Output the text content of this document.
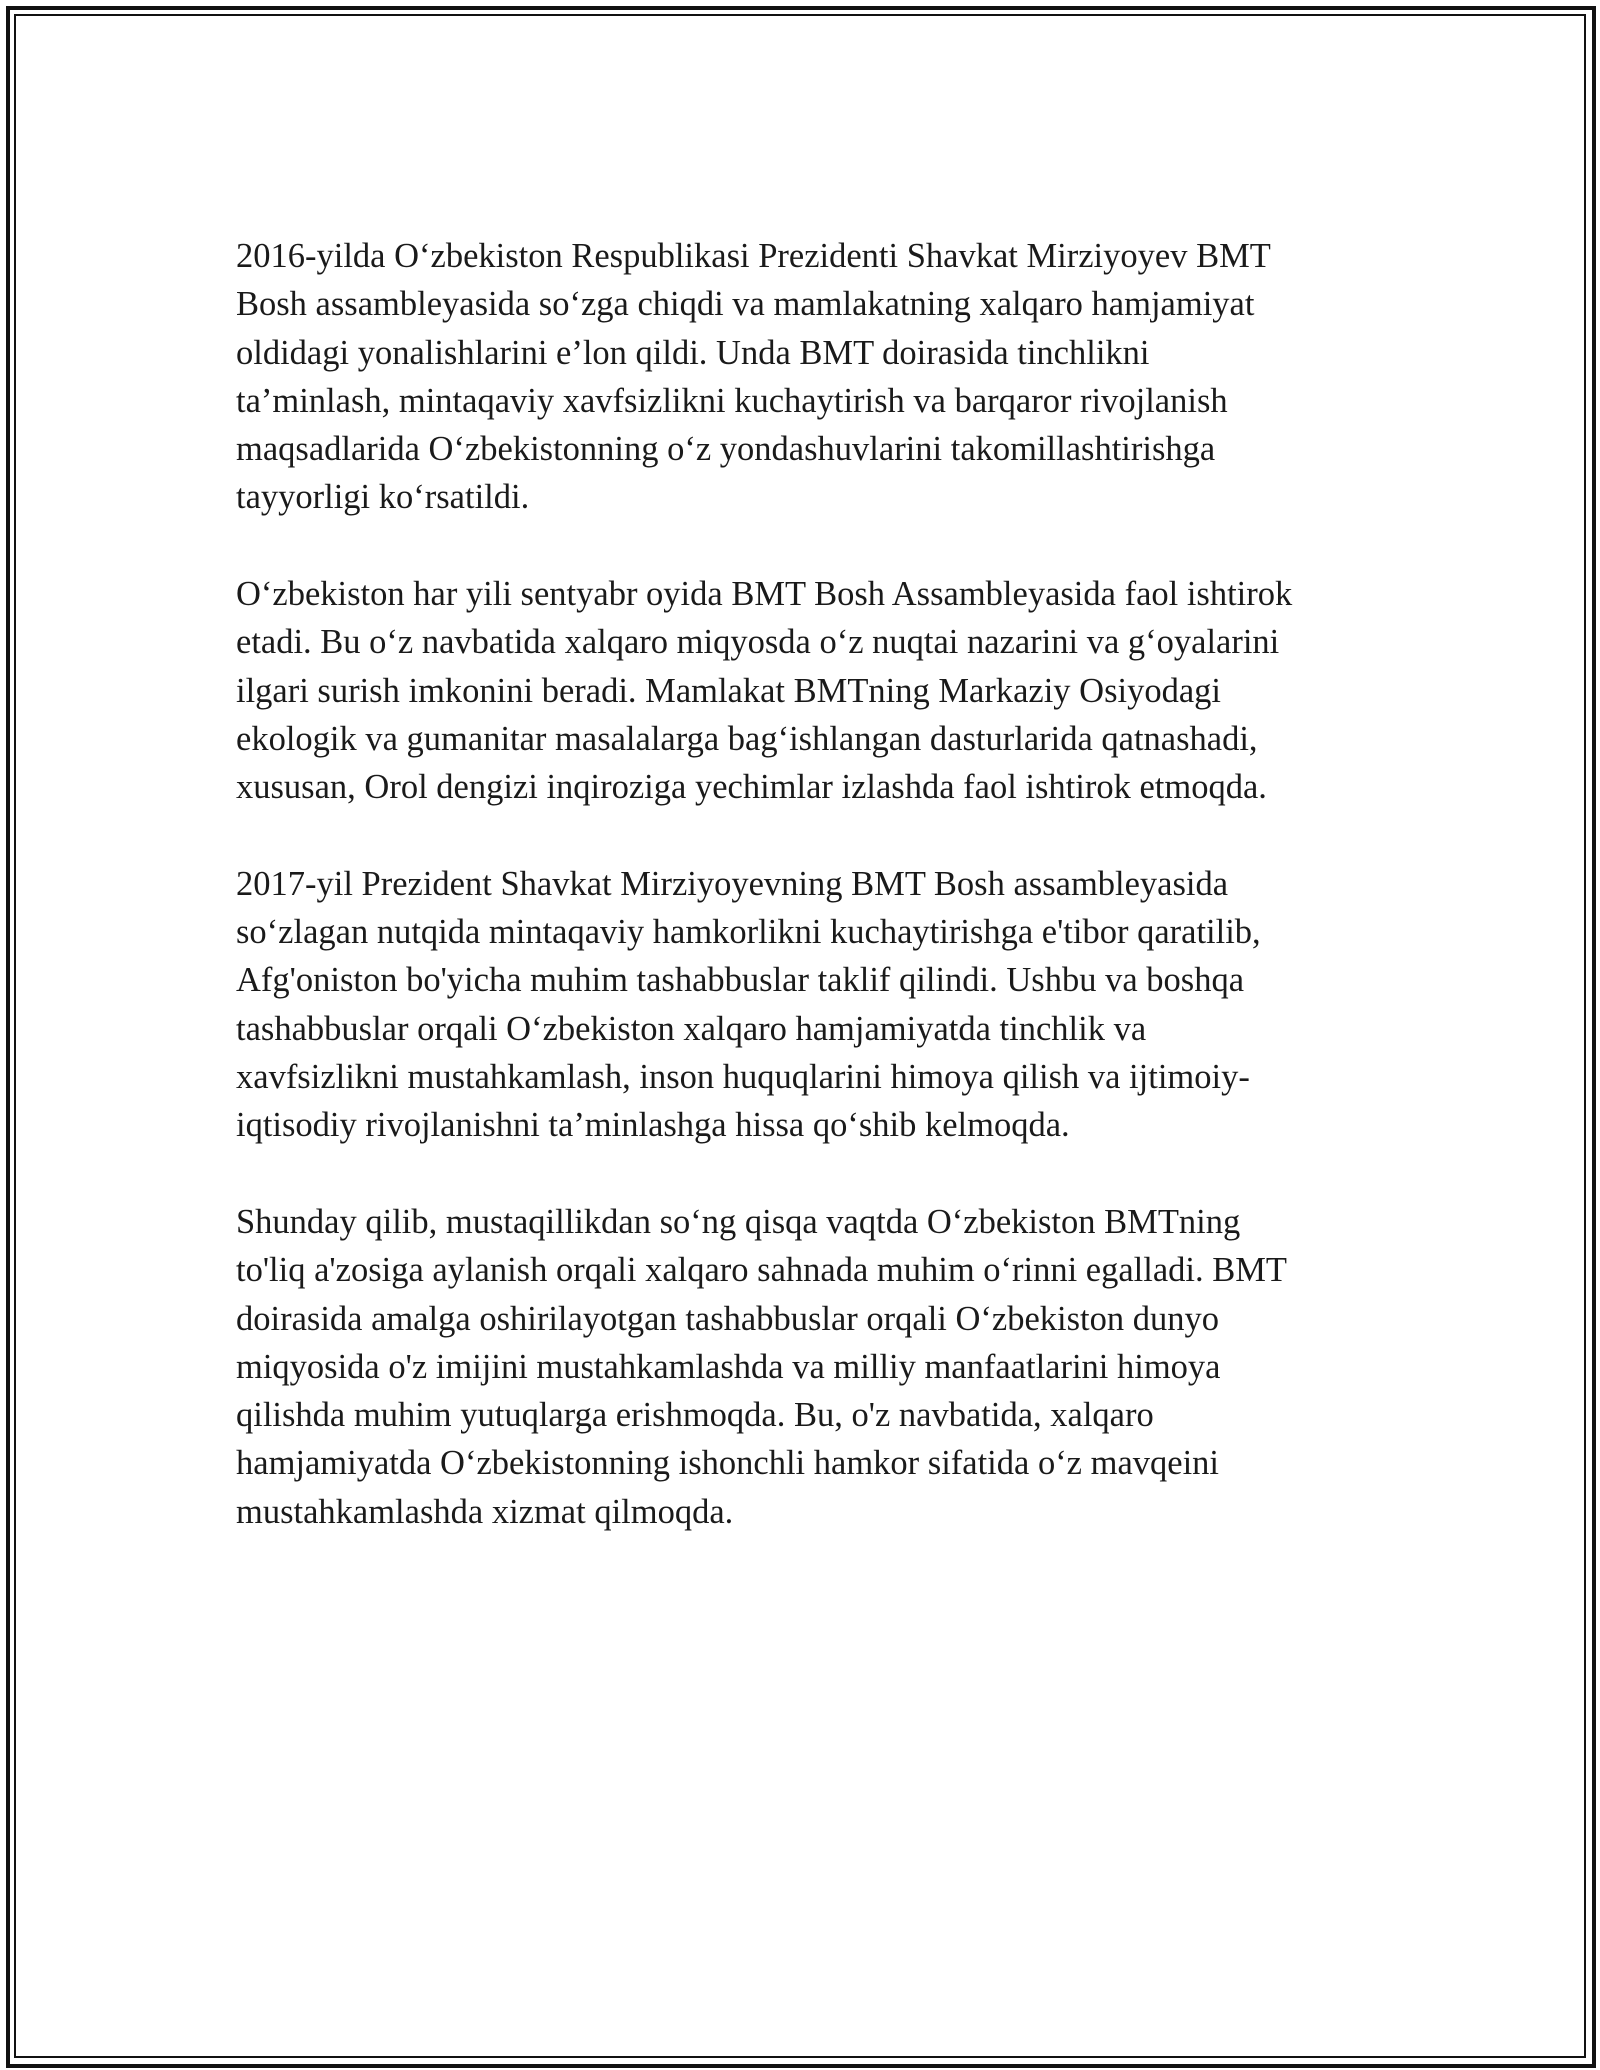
2016-yilda O‘zbekiston Respublikasi Prezidenti Shavkat Mirziyoyev BMT
Bosh assambleyasida so‘zga chiqdi va mamlakatning xalqaro hamjamiyat
oldidagi yonalishlarini e’lon qildi. Unda BMT doirasida tinchlikni
ta’minlash, mintaqaviy xavfsizlikni kuchaytirish va barqaror rivojlanish
maqsadlarida O‘zbekistonning o‘z yondashuvlarini takomillashtirishga
tayyorligi ko‘rsatildi.

O‘zbekiston har yili sentyabr oyida BMT Bosh Assambleyasida faol ishtirok
etadi. Bu o‘z navbatida xalqaro miqyosda o‘z nuqtai nazarini va g‘oyalarini
ilgari surish imkonini beradi. Mamlakat BMTning Markaziy Osiyodagi
ekologik va gumanitar masalalarga bag‘ishlangan dasturlarida qatnashadi,
xususan, Orol dengizi inqiroziga yechimlar izlashda faol ishtirok etmoqda.

2017-yil Prezident Shavkat Mirziyoyevning BMT Bosh assambleyasida
so‘zlagan nutqida mintaqaviy hamkorlikni kuchaytirishga e'tibor qaratilib,
Afg'oniston bo'yicha muhim tashabbuslar taklif qilindi. Ushbu va boshqa
tashabbuslar orqali O‘zbekiston xalqaro hamjamiyatda tinchlik va
xavfsizlikni mustahkamlash, inson huquqlarini himoya qilish va ijtimoiy-
iqtisodiy rivojlanishni ta’minlashga hissa qo‘shib kelmoqda.

Shunday qilib, mustaqillikdan so‘ng qisqa vaqtda O‘zbekiston BMTning
to'liq a'zosiga aylanish orqali xalqaro sahnada muhim o‘rinni egalladi. BMT
doirasida amalga oshirilayotgan tashabbuslar orqali O‘zbekiston dunyo
miqyosida o'z imijini mustahkamlashda va milliy manfaatlarini himoya
qilishda muhim yutuqlarga erishmoqda. Bu, o'z navbatida, xalqaro
hamjamiyatda O‘zbekistonning ishonchli hamkor sifatida o‘z mavqeini
mustahkamlashda xizmat qilmoqda.
